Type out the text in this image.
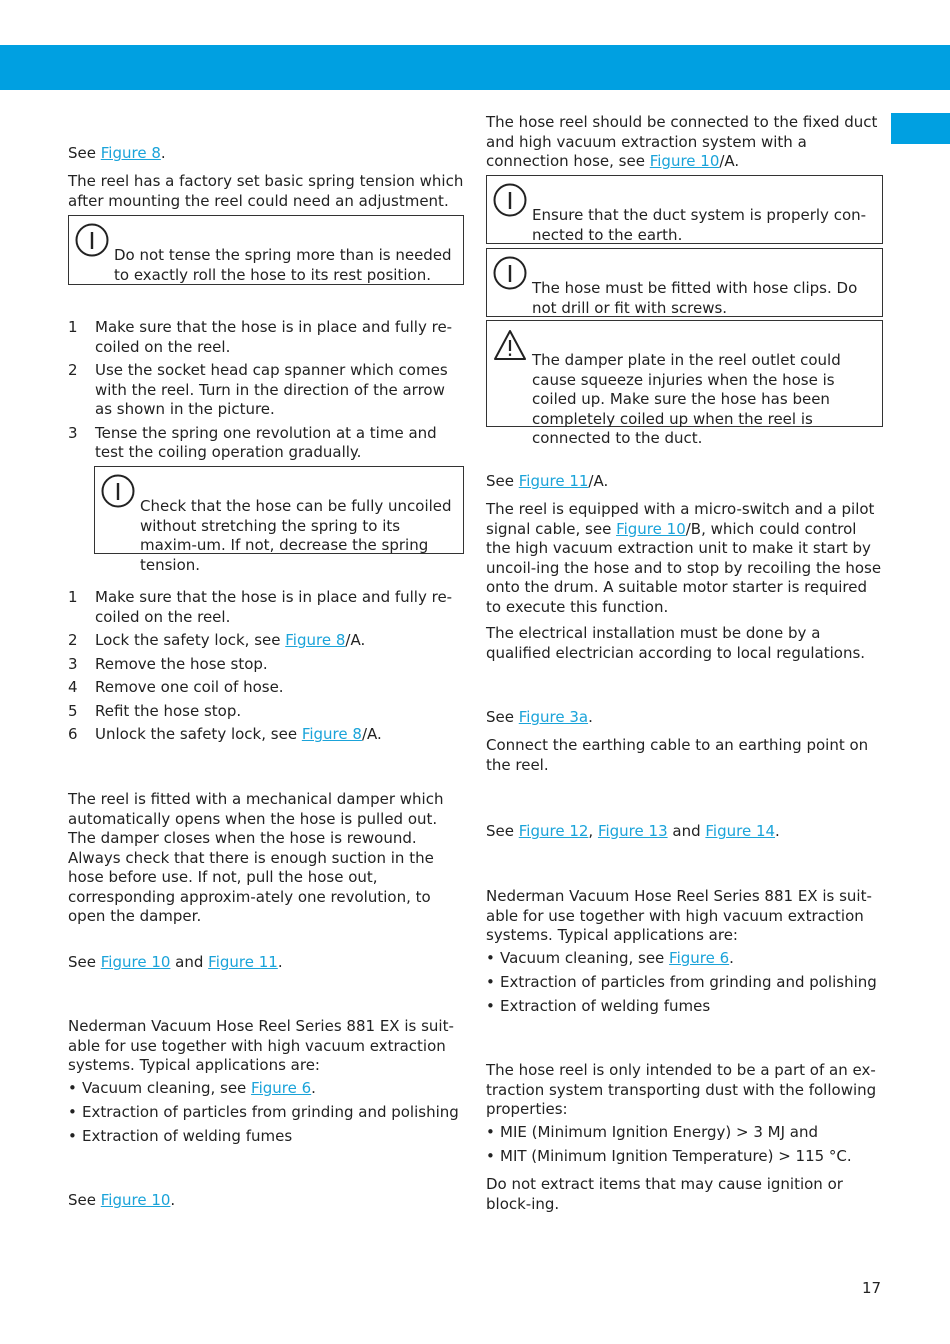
See Figure 8.

The reel has a factory set basic spring tension which after mounting the reel could need an adjustment.

Do not tense the spring more than is needed to exactly roll the hose to its rest position.
1 Make sure that the hose is in place and fully re-coiled on the reel.
2 Use the socket head cap spanner which comes with the reel. Turn in the direction of the arrow as shown in the picture.
3 Tense the spring one revolution at a time and test the coiling operation gradually.
Check that the hose can be fully uncoiled without stretching the spring to its maxim-um. If not, decrease the spring tension.
1 Make sure that the hose is in place and fully re-coiled on the reel.
2 Lock the safety lock, see Figure 8/A.
3 Remove the hose stop.
4 Remove one coil of hose.
5 Refit the hose stop.
6 Unlock the safety lock, see Figure 8/A.

The reel is fitted with a mechanical damper which automatically opens when the hose is pulled out. The damper closes when the hose is rewound. Always check that there is enough suction in the hose before use. If not, pull the hose out, corresponding approxim-ately one revolution, to open the damper.

See Figure 10 and Figure 11.

Nederman Vacuum Hose Reel Series 881 EX is suit-able for use together with high vacuum extraction systems. Typical applications are:

• Vacuum cleaning, see Figure 6.
• Extraction of particles from grinding and polishing
• Extraction of welding fumes

See Figure 10.

The hose reel should be connected to the fixed duct and high vacuum extraction system with a connection hose, see Figure 10/A.

Ensure that the duct system is properly con-nected to the earth.
The hose must be fitted with hose clips. Do not drill or fit with screws.
The damper plate in the reel outlet could cause squeeze injuries when the hose is coiled up. Make sure the hose has been completely coiled up when the reel is connected to the duct.

See Figure 11/A.

The reel is equipped with a micro-switch and a pilot signal cable, see Figure 10/B, which could control the high vacuum extraction unit to make it start by uncoil-ing the hose and to stop by recoiling the hose onto the drum. A suitable motor starter is required to execute this function.

The electrical installation must be done by a qualified electrician according to local regulations.

See Figure 3a.

Connect the earthing cable to an earthing point on the reel.

See Figure 12, Figure 13 and Figure 14.

Nederman Vacuum Hose Reel Series 881 EX is suit-able for use together with high vacuum extraction systems. Typical applications are:

• Vacuum cleaning, see Figure 6.
• Extraction of particles from grinding and polishing
• Extraction of welding fumes

The hose reel is only intended to be a part of an ex-traction system transporting dust with the following properties:

• MIE (Minimum Ignition Energy) > 3 MJ and
• MIT (Minimum Ignition Temperature) > 115 °C.

Do not extract items that may cause ignition or block-ing.

17
